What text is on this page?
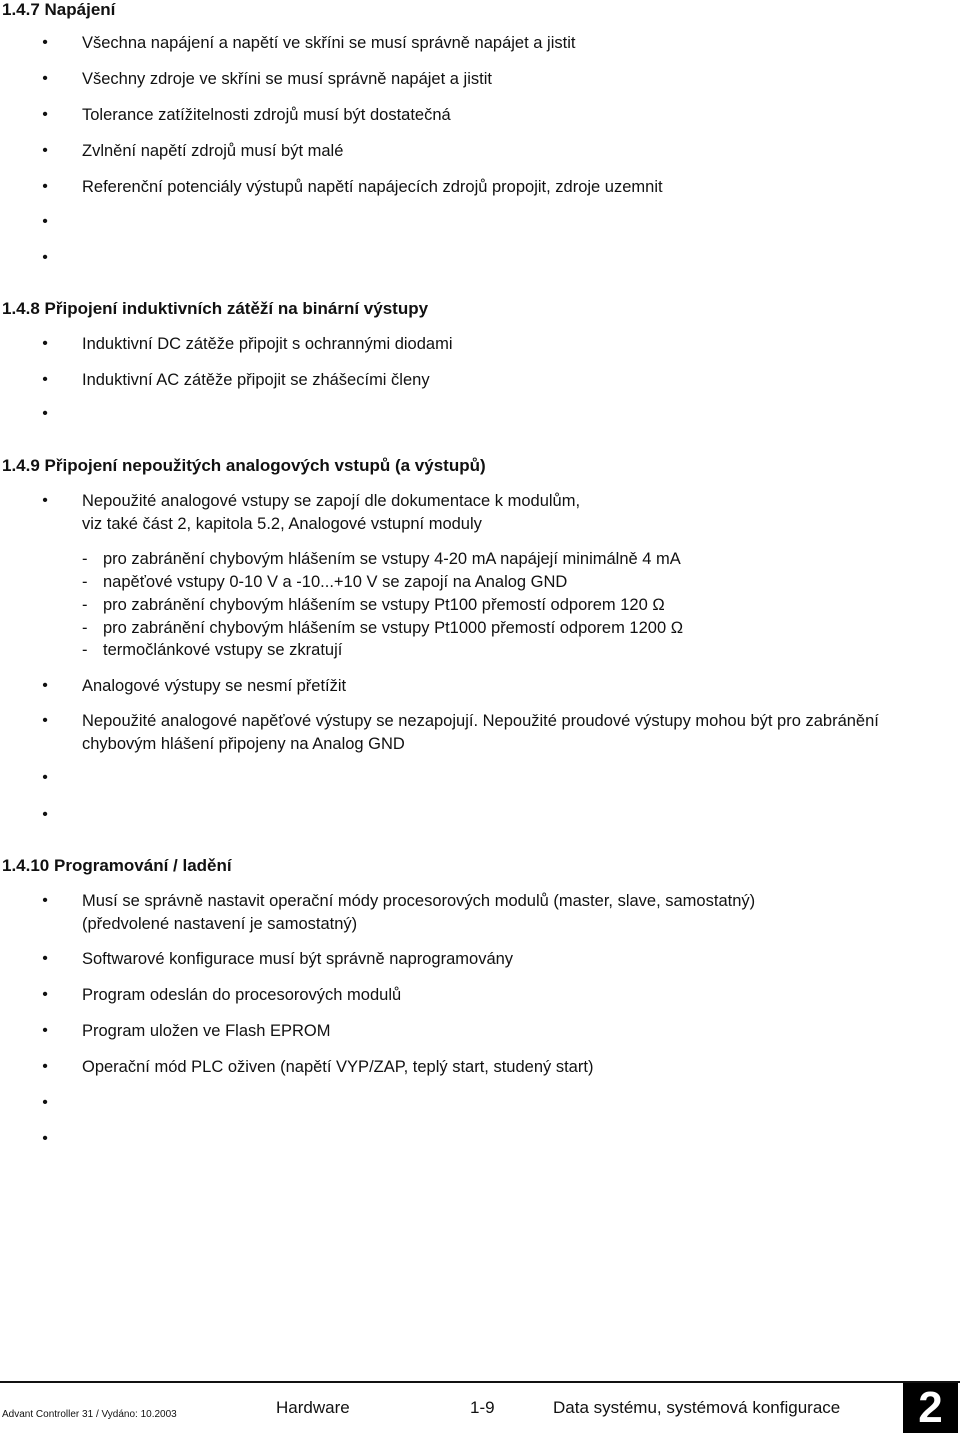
1.4.7 Napájení
• Všechna napájení a napětí ve skříni se musí správně napájet a jistit
• Všechny zdroje ve skříni se musí správně napájet a jistit
• Tolerance zatížitelnosti zdrojů musí být dostatečná
• Zvlnění napětí zdrojů musí být malé
• Referenční potenciály výstupů napětí napájecích zdrojů propojit, zdroje uzemnit
•
•
1.4.8 Připojení induktivních zátěží na binární výstupy
• Induktivní DC zátěže připojit s ochrannými diodami
• Induktivní AC zátěže připojit se zhášecími členy
•
1.4.9 Připojení nepoužitých analogových vstupů (a výstupů)
• Nepoužité analogové vstupy se zapojí dle dokumentace k modulům,
viz také část 2, kapitola 5.2, Analogové vstupní moduly
- pro zabránění chybovým hlášením se vstupy 4-20 mA napájejí minimálně 4 mA
- napěťové vstupy 0-10 V a -10...+10 V se zapojí na Analog GND
- pro zabránění chybovým hlášením se vstupy Pt100 přemostí odporem 120 Ω
- pro zabránění chybovým hlášením se vstupy Pt1000 přemostí odporem 1200 Ω
- termočlánkové vstupy se zkratují
• Analogové výstupy se nesmí přetížit
• Nepoužité analogové napěťové výstupy se nezapojují. Nepoužité proudové výstupy mohou být pro zabránění
chybovým hlášení připojeny na Analog GND
•
•
1.4.10 Programování / ladění
• Musí se správně nastavit operační módy procesorových modulů (master, slave, samostatný)
(předvolené nastavení je samostatný)
• Softwarové konfigurace musí být správně naprogramovány
• Program odeslán do procesorových modulů
• Program uložen ve Flash EPROM
• Operační mód PLC oživen (napětí VYP/ZAP, teplý start, studený start)
•
•
Advant Controller 31 / Vydáno: 10.2003	Hardware	1-9	Data systému, systémová konfigurace	2
